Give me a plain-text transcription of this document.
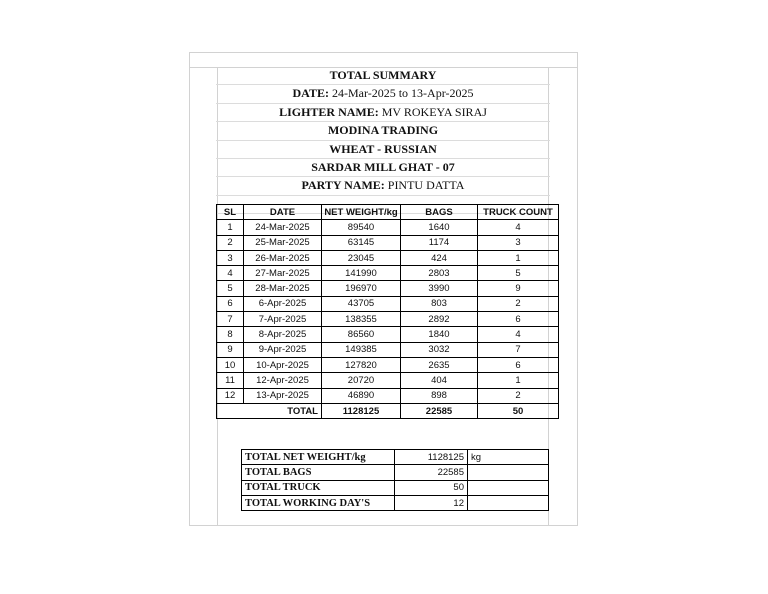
TOTAL SUMMARY
DATE: 24-Mar-2025 to 13-Apr-2025
LIGHTER NAME: MV ROKEYA SIRAJ
MODINA TRADING
WHEAT - RUSSIAN
SARDAR MILL GHAT - 07
PARTY NAME: PINTU DATTA
SL	DATE	NET WEIGHT/kg	BAGS	TRUCK COUNT
1	24-Mar-2025	89540	1640	4
2	25-Mar-2025	63145	1174	3
3	26-Mar-2025	23045	424	1
4	27-Mar-2025	141990	2803	5
5	28-Mar-2025	196970	3990	9
6	6-Apr-2025	43705	803	2
7	7-Apr-2025	138355	2892	6
8	8-Apr-2025	86560	1840	4
9	9-Apr-2025	149385	3032	7
10	10-Apr-2025	127820	2635	6
11	12-Apr-2025	20720	404	1
12	13-Apr-2025	46890	898	2
TOTAL		1128125	22585	50
TOTAL NET WEIGHT/kg	1128125	kg
TOTAL BAGS	22585	
TOTAL TRUCK	50	
TOTAL WORKING DAY'S	12	
